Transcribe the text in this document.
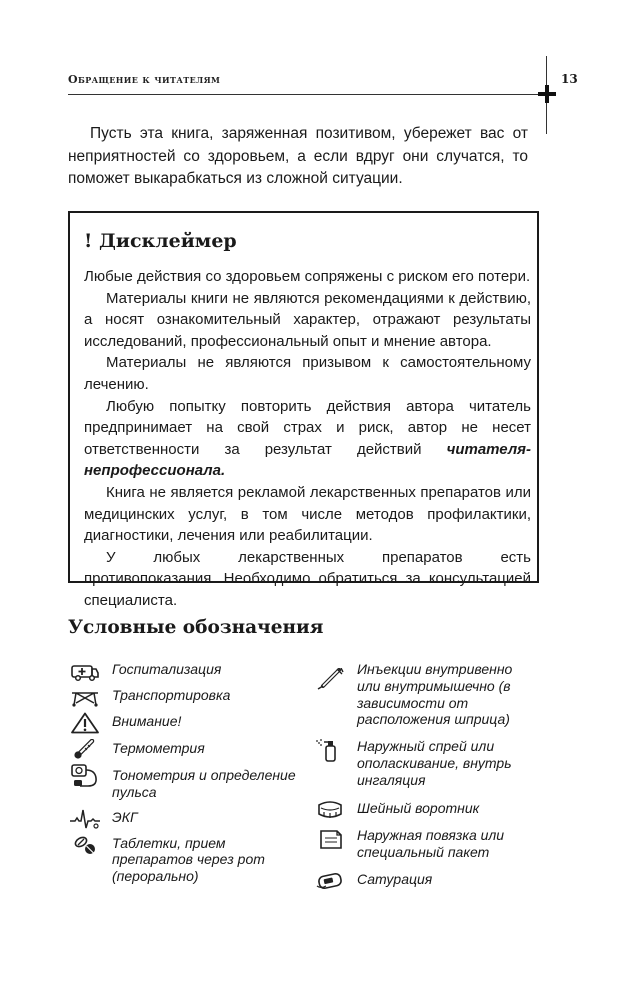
Обращение к читателям	13

Пусть эта книга, заряженная позитивом, убережет вас от неприятностей со здоровьем, а если вдруг они случатся, то поможет выкарабкаться из сложной ситуации.

! Дисклеймер

Любые действия со здоровьем сопряжены с риском его потери.

Материалы книги не являются рекомендациями к действию, а носят ознакомительный характер, отражают результаты исследований, профессиональный опыт и мнение автора.

Материалы не являются призывом к самостоятельному лечению.

Любую попытку повторить действия автора читатель предпринимает на свой страх и риск, автор не несет ответственности за результат действий читателя-непрофессионала.

Книга не является рекламой лекарственных препаратов или медицинских услуг, в том числе методов профилактики, диагностики, лечения или реабилитации.

У любых лекарственных препаратов есть противопоказания. Необходимо обратиться за консультацией специалиста.

Условные обозначения
Госпитализация
Транспортировка
Внимание!
Термометрия
Тонометрия и определение пульса
ЭКГ
Таблетки, прием препаратов через рот (перорально)
Инъекции внутривенно или внутримышечно (в зависимости от расположения шприца)
Наружный спрей или ополаскивание, внутрь ингаляция
Шейный воротник
Наружная повязка или специальный пакет
Сатурация
